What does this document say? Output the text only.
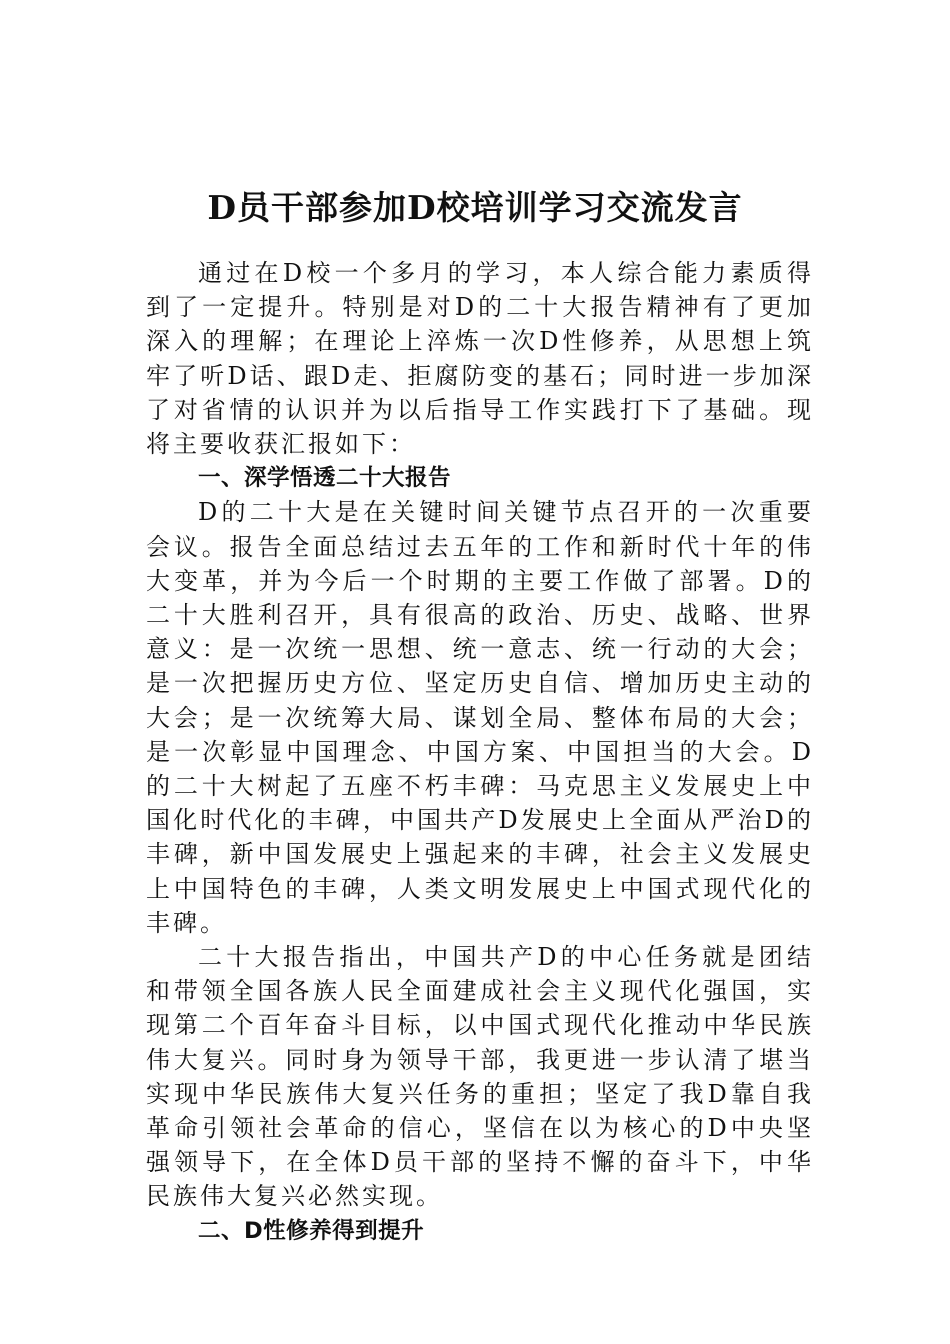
D员干部参加D校培训学习交流发言

通过在D校一个多月的学习，本人综合能力素质得到了一定提升。特别是对D的二十大报告精神有了更加深入的理解；在理论上淬炼一次D性修养，从思想上筑牢了听D话、跟D走、拒腐防变的基石；同时进一步加深了对省情的认识并为以后指导工作实践打下了基础。现将主要收获汇报如下：

一、深学悟透二十大报告

D的二十大是在关键时间关键节点召开的一次重要会议。报告全面总结过去五年的工作和新时代十年的伟大变革，并为今后一个时期的主要工作做了部署。D的二十大胜利召开，具有很高的政治、历史、战略、世界意义：是一次统一思想、统一意志、统一行动的大会；是一次把握历史方位、坚定历史自信、增加历史主动的大会；是一次统筹大局、谋划全局、整体布局的大会；是一次彰显中国理念、中国方案、中国担当的大会。D的二十大树起了五座不朽丰碑：马克思主义发展史上中国化时代化的丰碑，中国共产D发展史上全面从严治D的丰碑，新中国发展史上强起来的丰碑，社会主义发展史上中国特色的丰碑，人类文明发展史上中国式现代化的丰碑。

二十大报告指出，中国共产D的中心任务就是团结和带领全国各族人民全面建成社会主义现代化强国，实现第二个百年奋斗目标，以中国式现代化推动中华民族伟大复兴。同时身为领导干部，我更进一步认清了堪当实现中华民族伟大复兴任务的重担；坚定了我D靠自我革命引领社会革命的信心，坚信在以为核心的D中央坚强领导下，在全体D员干部的坚持不懈的奋斗下，中华民族伟大复兴必然实现。

二、D性修养得到提升
